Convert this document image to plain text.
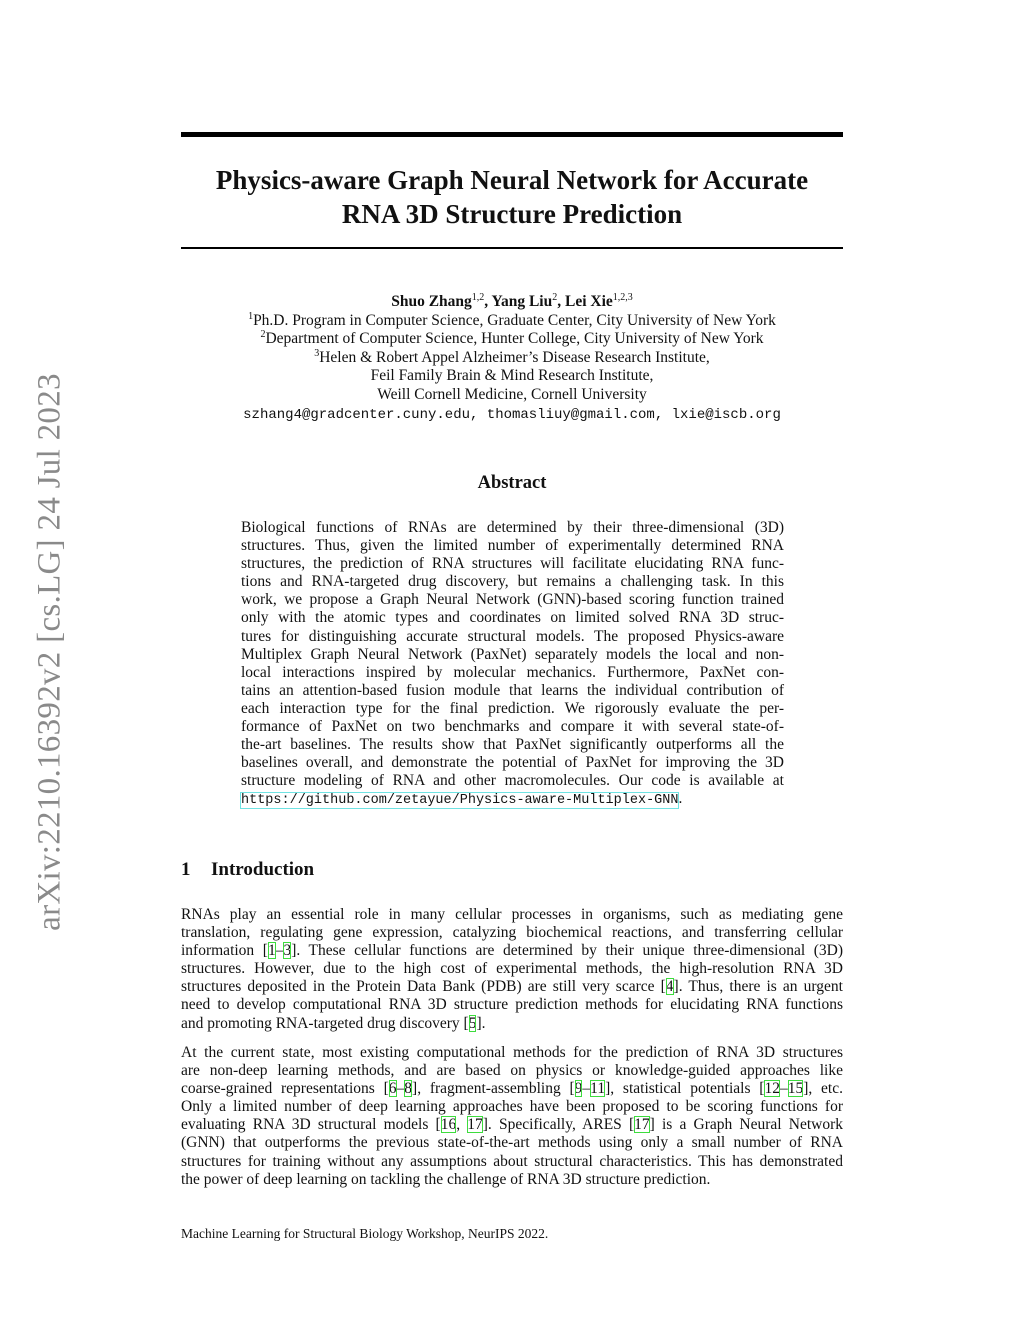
arXiv:2210.16392v2 [cs.LG] 24 Jul 2023
Physics-aware Graph Neural Network for Accurate
RNA 3D Structure Prediction
Shuo Zhang$^{1,2}$, Yang Liu$^2$, Lei Xie$^{1,2,3}$
$^1$Ph.D. Program in Computer Science, Graduate Center, City University of New York
$^2$Department of Computer Science, Hunter College, City University of New York
$^3$Helen & Robert Appel Alzheimer’s Disease Research Institute,
Feil Family Brain & Mind Research Institute,
Weill Cornell Medicine, Cornell University
szhang4@gradcenter.cuny.edu, thomasliuy@gmail.com, lxie@iscb.org
Abstract
Biological functions of RNAs are determined by their three-dimensional (3D)
structures. Thus, given the limited number of experimentally determined RNA
structures, the prediction of RNA structures will facilitate elucidating RNA func-
tions and RNA-targeted drug discovery, but remains a challenging task. In this
work, we propose a Graph Neural Network (GNN)-based scoring function trained
only with the atomic types and coordinates on limited solved RNA 3D struc-
tures for distinguishing accurate structural models. The proposed Physics-aware
Multiplex Graph Neural Network (PaxNet) separately models the local and non-
local interactions inspired by molecular mechanics. Furthermore, PaxNet con-
tains an attention-based fusion module that learns the individual contribution of
each interaction type for the final prediction. We rigorously evaluate the per-
formance of PaxNet on two benchmarks and compare it with several state-of-
the-art baselines. The results show that PaxNet significantly outperforms all the
baselines overall, and demonstrate the potential of PaxNet for improving the 3D
structure modeling of RNA and other macromolecules. Our code is available at
https://github.com/zetayue/Physics-aware-Multiplex-GNN.
1 Introduction
RNAs play an essential role in many cellular processes in organisms, such as mediating gene
translation, regulating gene expression, catalyzing biochemical reactions, and transferring cellular
information [1–3]. These cellular functions are determined by their unique three-dimensional (3D)
structures. However, due to the high cost of experimental methods, the high-resolution RNA 3D
structures deposited in the Protein Data Bank (PDB) are still very scarce [4]. Thus, there is an urgent
need to develop computational RNA 3D structure prediction methods for elucidating RNA functions
and promoting RNA-targeted drug discovery [5].
At the current state, most existing computational methods for the prediction of RNA 3D structures
are non-deep learning methods, and are based on physics or knowledge-guided approaches like
coarse-grained representations [6–8], fragment-assembling [9–11], statistical potentials [12–15], etc.
Only a limited number of deep learning approaches have been proposed to be scoring functions for
evaluating RNA 3D structural models [16, 17]. Specifically, ARES [17] is a Graph Neural Network
(GNN) that outperforms the previous state-of-the-art methods using only a small number of RNA
structures for training without any assumptions about structural characteristics. This has demonstrated
the power of deep learning on tackling the challenge of RNA 3D structure prediction.
Machine Learning for Structural Biology Workshop, NeurIPS 2022.
